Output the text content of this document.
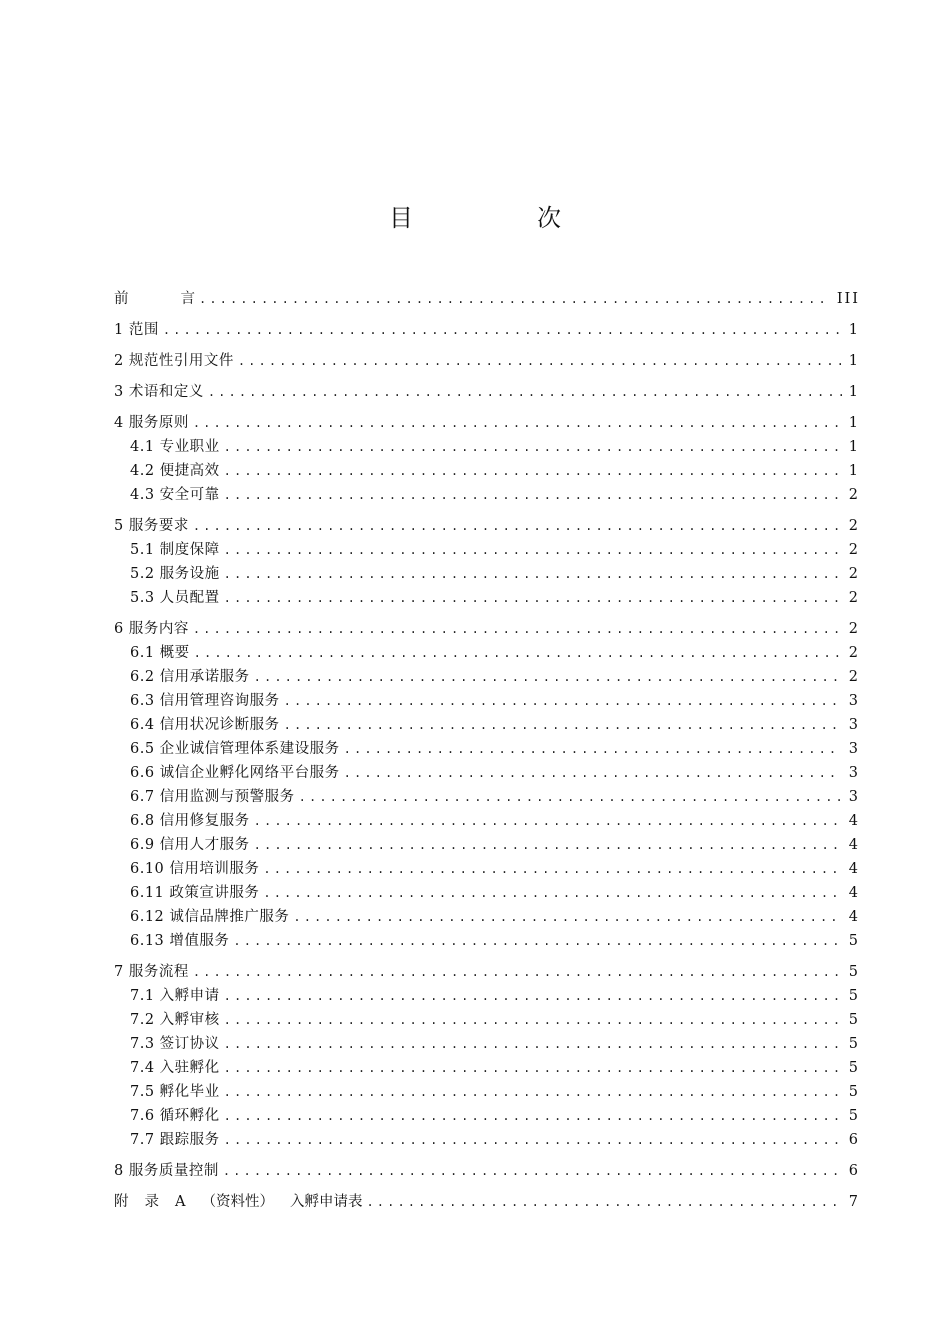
目　次
前	言 .....	III
1 范围 .....	1
2 规范性引用文件 .....	1
3 术语和定义 .....	1
4 服务原则 .....	1
4.1 专业职业 .....	1
4.2 便捷高效 .....	1
4.3 安全可靠 .....	2
5 服务要求 .....	2
5.1 制度保障 .....	2
5.2 服务设施 .....	2
5.3 人员配置 .....	2
6 服务内容 .....	2
6.1 概要 .....	2
6.2 信用承诺服务 .....	2
6.3 信用管理咨询服务 .....	3
6.4 信用状况诊断服务 .....	3
6.5 企业诚信管理体系建设服务 .....	3
6.6 诚信企业孵化网络平台服务 .....	3
6.7 信用监测与预警服务 .....	3
6.8 信用修复服务 .....	4
6.9 信用人才服务 .....	4
6.10 信用培训服务 .....	4
6.11 政策宣讲服务 .....	4
6.12 诚信品牌推广服务 .....	4
6.13 增值服务 .....	5
7 服务流程 .....	5
7.1 入孵申请 .....	5
7.2 入孵审核 .....	5
7.3 签订协议 .....	5
7.4 入驻孵化 .....	5
7.5 孵化毕业 .....	5
7.6 循环孵化 .....	5
7.7 跟踪服务 .....	6
8 服务质量控制 .....	6
附 录 A （资料性） 入孵申请表 .....	7
